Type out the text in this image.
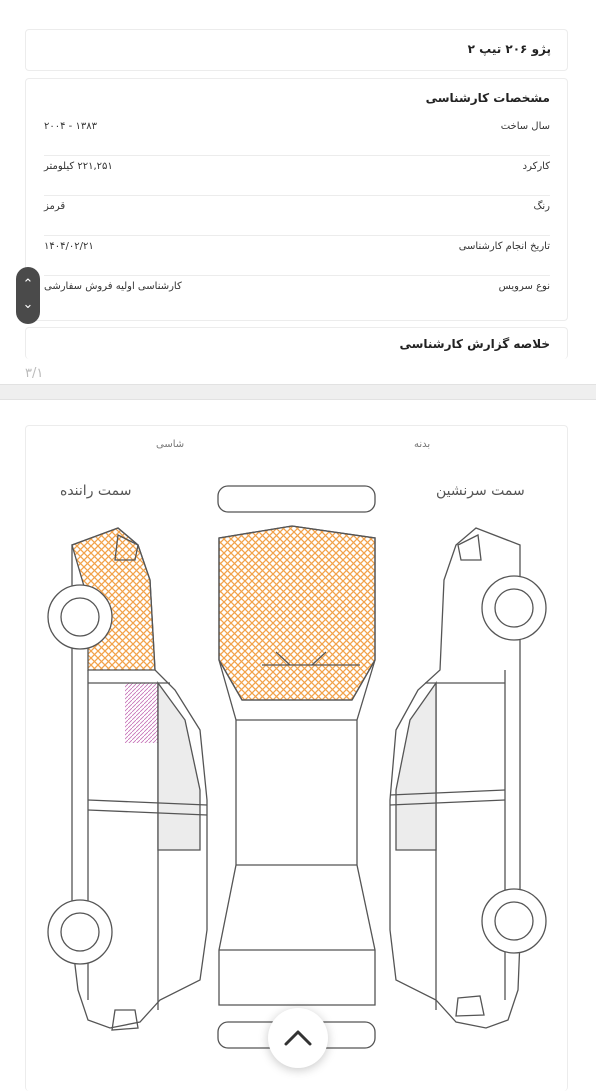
پژو ۲۰۶ تیپ ۲
مشخصات کارشناسی
سال ساخت
۱۳۸۳ - ۲۰۰۴
کارکرد
۲۲۱,۲۵۱ کیلومتر
رنگ
قرمز
تاریخ انجام کارشناسی
۱۴۰۴/۰۲/۲۱
نوع سرویس
کارشناسی اولیه فروش سفارشی
خلاصه گزارش کارشناسی
۳/۱
بدنه
شاسی
سمت سرنشین
سمت راننده
⌃
⌄
